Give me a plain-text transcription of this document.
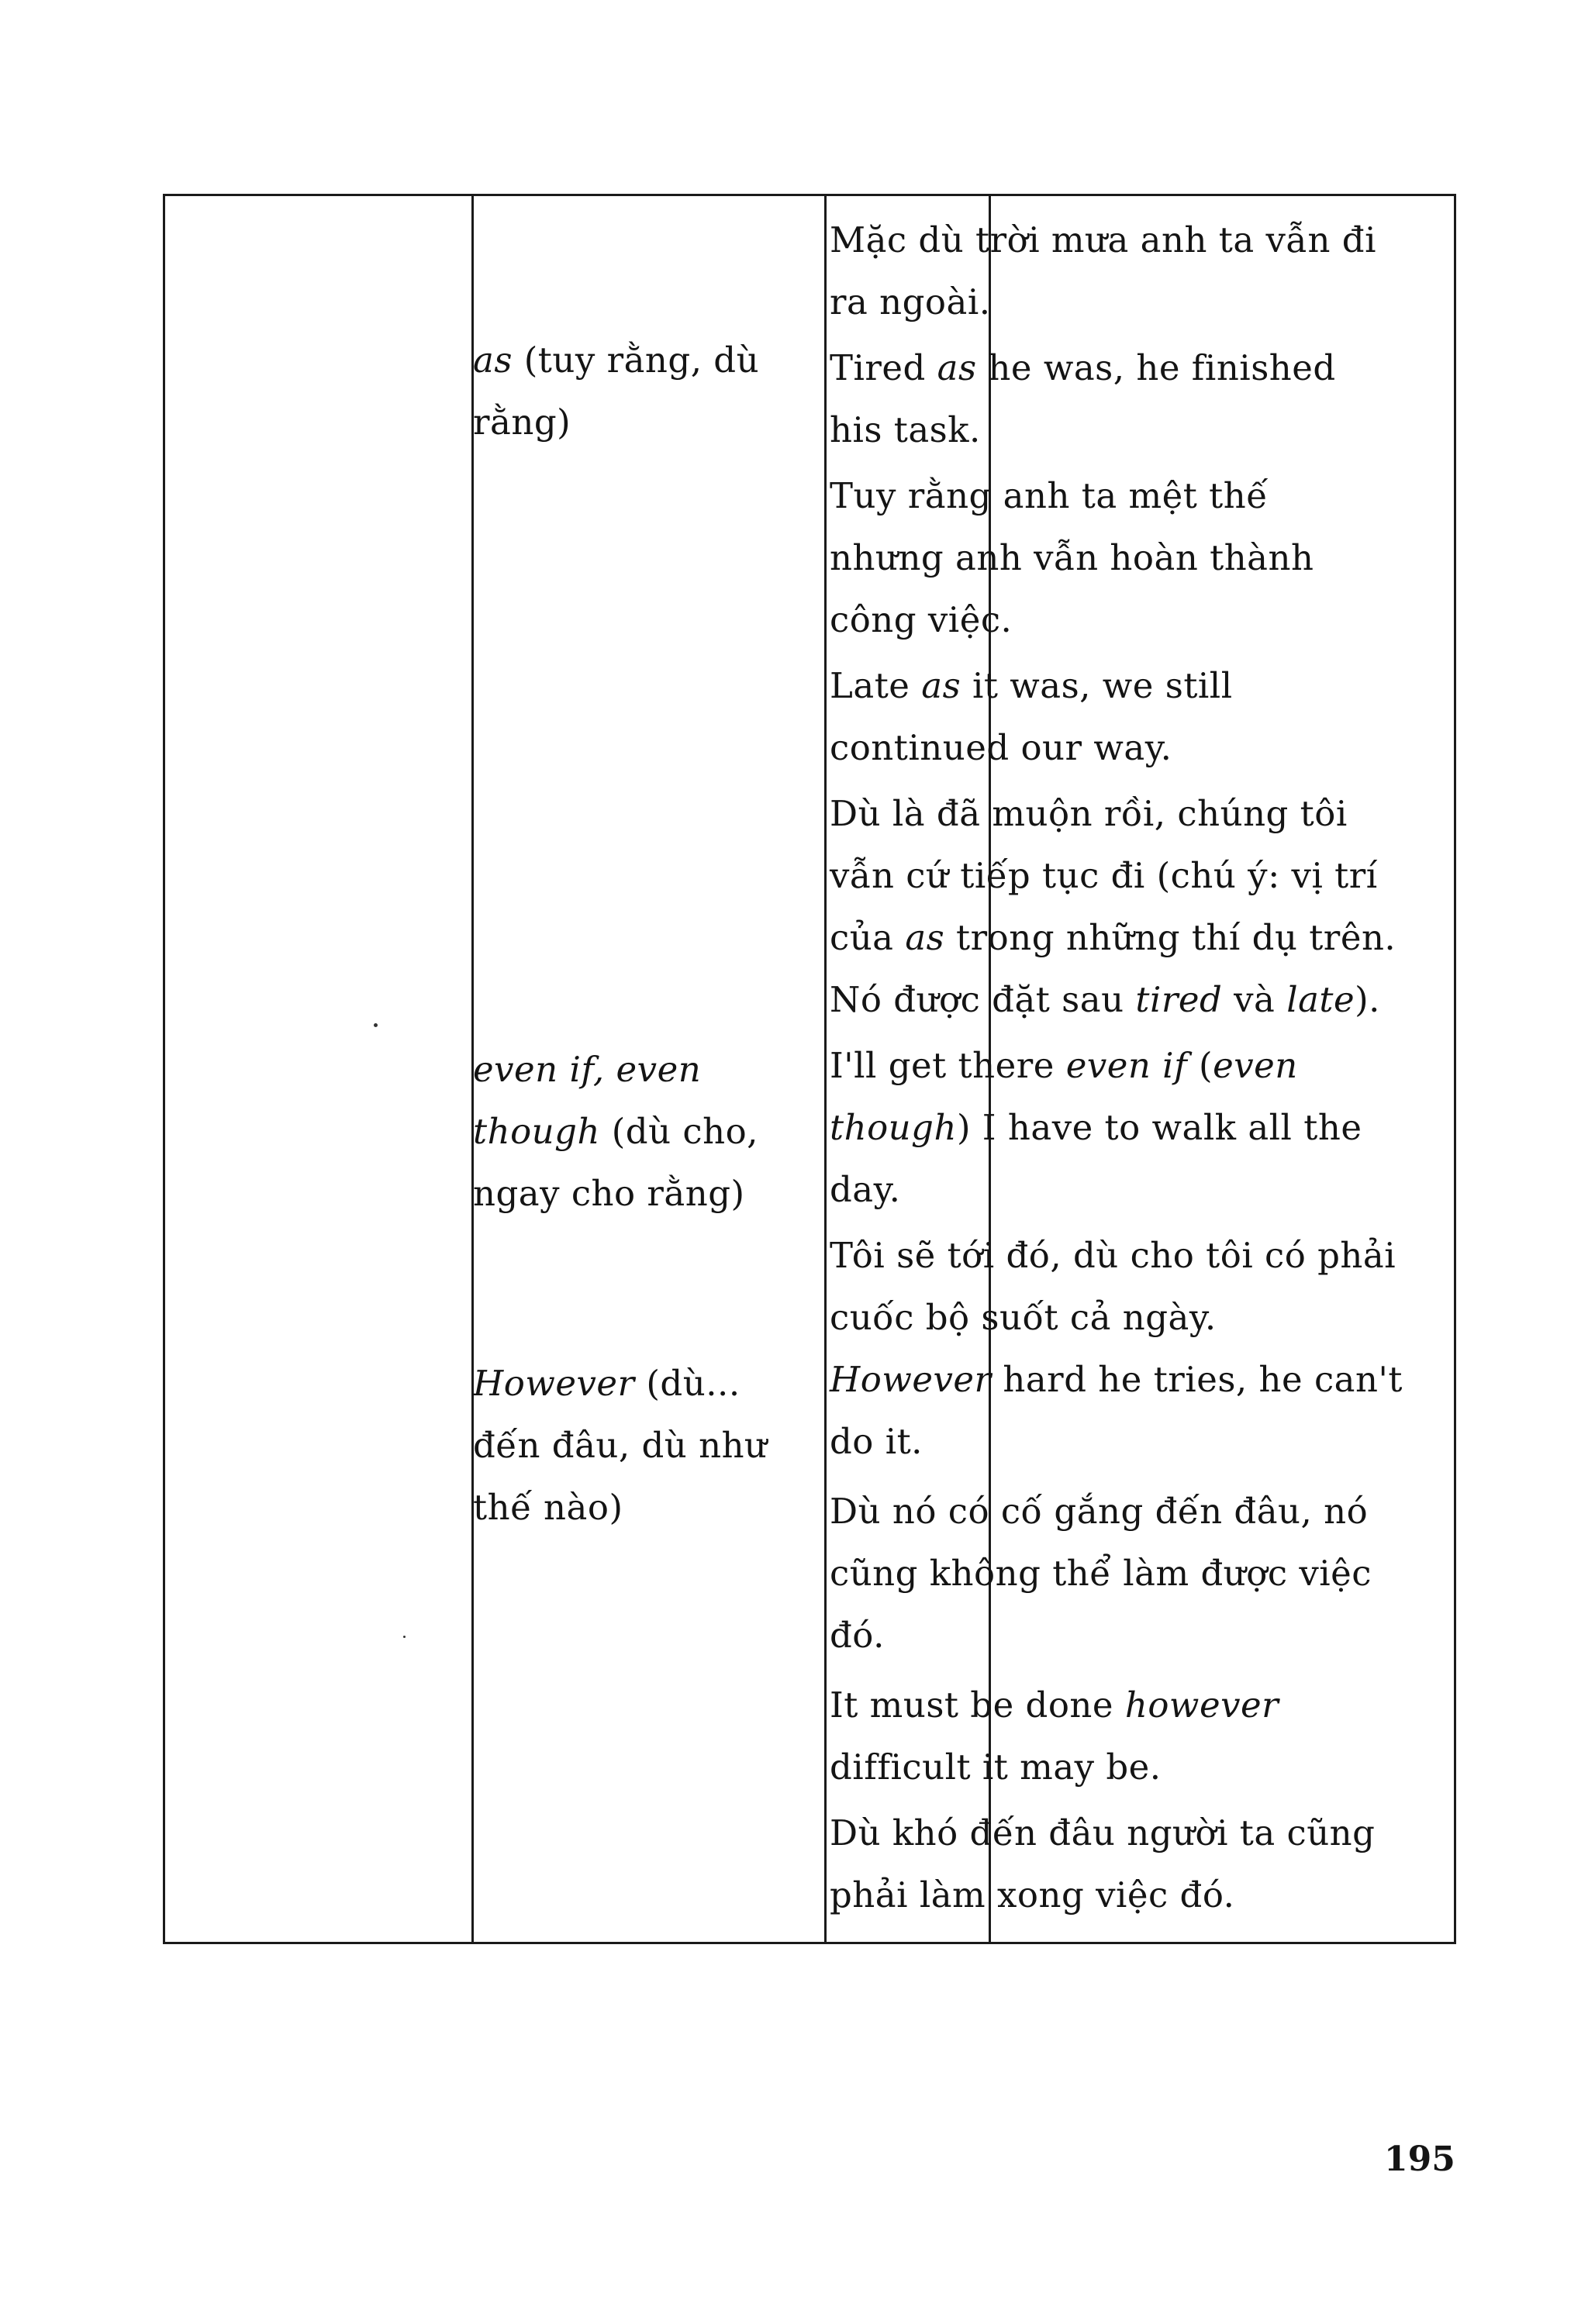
as (tuy rằng, dù
rằng)
even if, even
though (dù cho,
ngay cho rằng)
However (dù...
đến đâu, dù như
thế nào)
Mặc dù trời mưa anh ta vẫn đi
ra ngoài.
Tired as he was, he finished
his task.
Tuy rằng anh ta mệt thế
nhưng anh vẫn hoàn thành
công việc.
Late as it was, we still
continued our way.
Dù là đã muộn rồi, chúng tôi
vẫn cứ tiếp tục đi (chú ý: vị trí
của as trong những thí dụ trên.
Nó được đặt sau tired và late).
I'll get there even if (even
though) I have to walk all the
day.
Tôi sẽ tới đó, dù cho tôi có phải
cuốc bộ suốt cả ngày.
However hard he tries, he can't
do it.
Dù nó có cố gắng đến đâu, nó
cũng không thể làm được việc
đó.
It must be done however
difficult it may be.
Dù khó đến đâu người ta cũng
phải làm xong việc đó.
195
